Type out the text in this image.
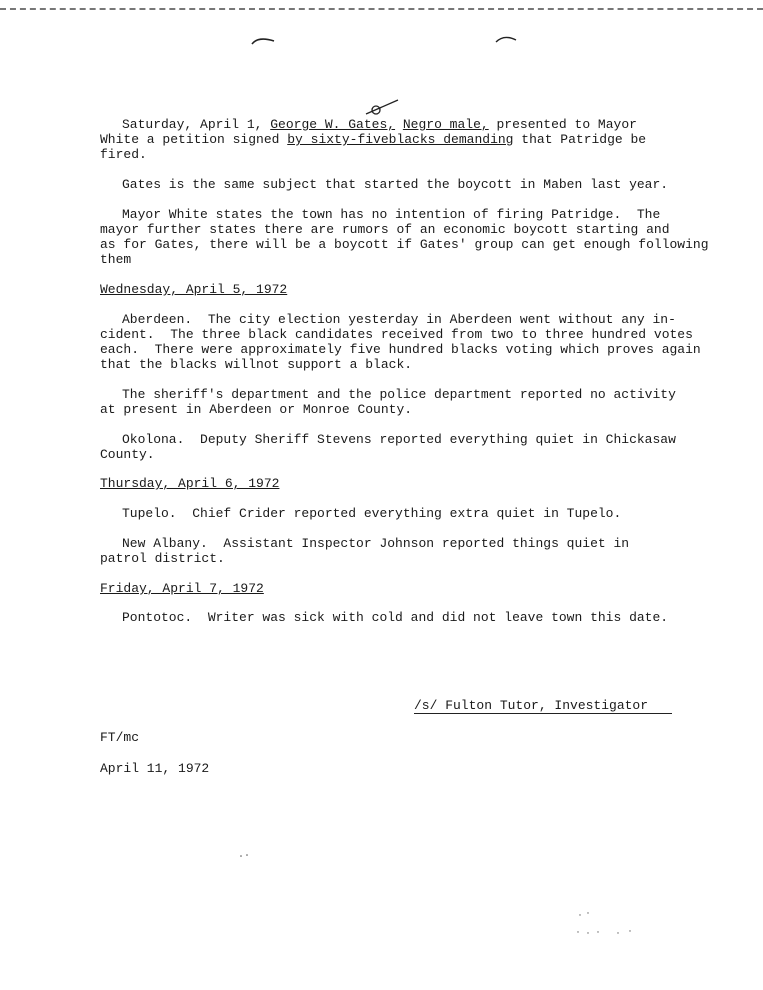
Saturday, April 1, George W. Gates, Negro male, presented to Mayor
White a petition signed by sixty-fiveblacks demanding that Patridge be
fired.
Gates is the same subject that started the boycott in Maben last year.
Mayor White states the town has no intention of firing Patridge.  The
mayor further states there are rumors of an economic boycott starting and
as for Gates, there will be a boycott if Gates' group can get enough following
them
Wednesday, April 5, 1972
Aberdeen.  The city election yesterday in Aberdeen went without any in-
cident.  The three black candidates received from two to three hundred votes
each.  There were approximately five hundred blacks voting which proves again
that the blacks willnot support a black.
The sheriff's department and the police department reported no activity
at present in Aberdeen or Monroe County.
Okolona.  Deputy Sheriff Stevens reported everything quiet in Chickasaw
County.
Thursday, April 6, 1972
Tupelo.  Chief Crider reported everything extra quiet in Tupelo.
New Albany.  Assistant Inspector Johnson reported things quiet in
patrol district.
Friday, April 7, 1972
Pontotoc.  Writer was sick with cold and did not leave town this date.
/s/ Fulton Tutor, Investigator
FT/mc
April 11, 1972
